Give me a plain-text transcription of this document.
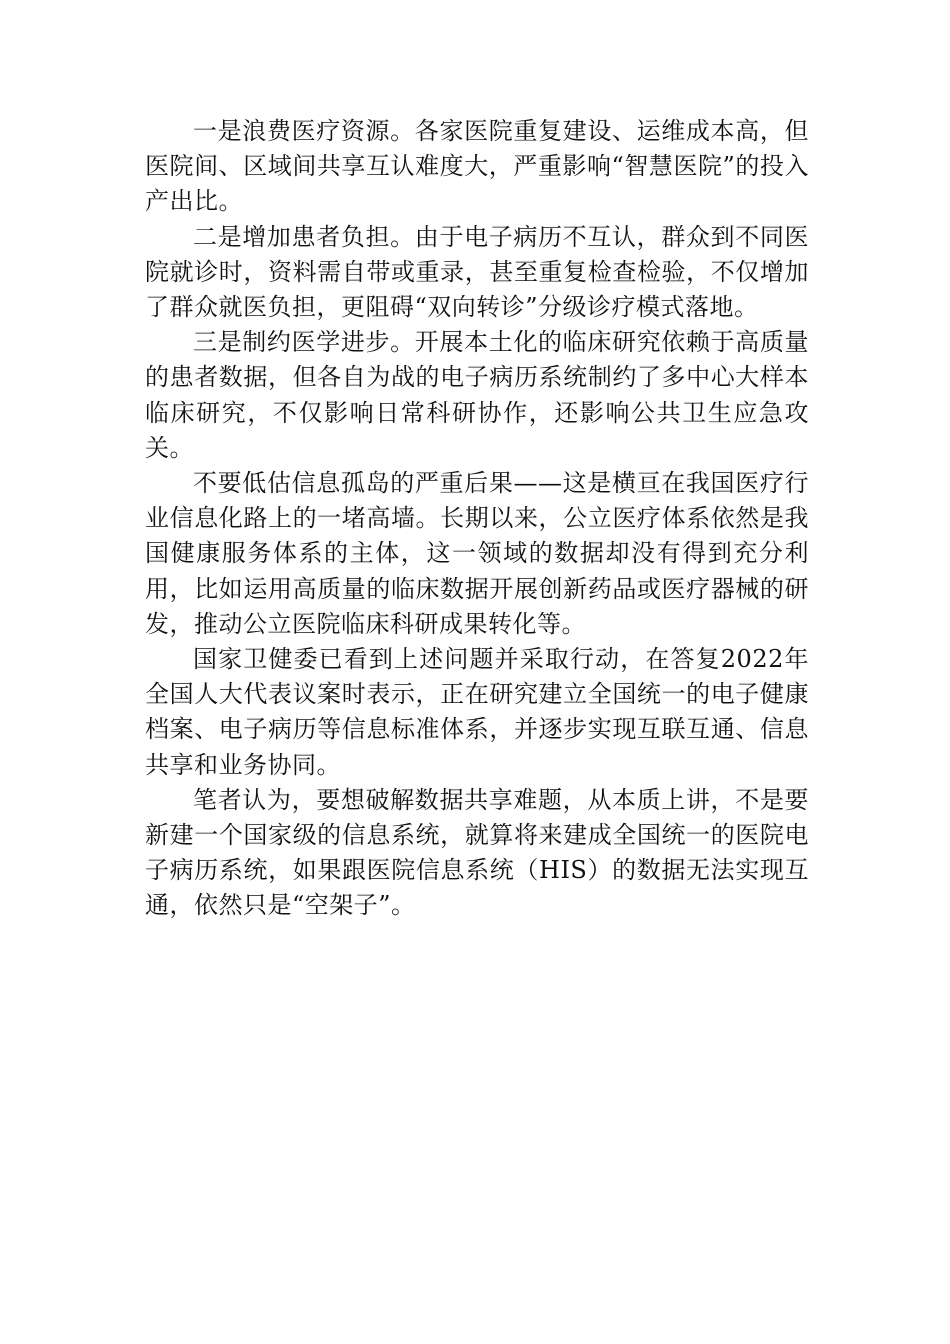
一是浪费医疗资源。各家医院重复建设、运维成本高，但医院间、区域间共享互认难度大，严重影响“智慧医院”的投入产出比。

二是增加患者负担。由于电子病历不互认，群众到不同医院就诊时，资料需自带或重录，甚至重复检查检验，不仅增加了群众就医负担，更阻碍“双向转诊”分级诊疗模式落地。

三是制约医学进步。开展本土化的临床研究依赖于高质量的患者数据，但各自为战的电子病历系统制约了多中心大样本临床研究，不仅影响日常科研协作，还影响公共卫生应急攻关。

不要低估信息孤岛的严重后果——这是横亘在我国医疗行业信息化路上的一堵高墙。长期以来，公立医疗体系依然是我国健康服务体系的主体，这一领域的数据却没有得到充分利用，比如运用高质量的临床数据开展创新药品或医疗器械的研发，推动公立医院临床科研成果转化等。

国家卫健委已看到上述问题并采取行动，在答复2022年全国人大代表议案时表示，正在研究建立全国统一的电子健康档案、电子病历等信息标准体系，并逐步实现互联互通、信息共享和业务协同。

笔者认为，要想破解数据共享难题，从本质上讲，不是要新建一个国家级的信息系统，就算将来建成全国统一的医院电子病历系统，如果跟医院信息系统（HIS）的数据无法实现互通，依然只是“空架子”。
